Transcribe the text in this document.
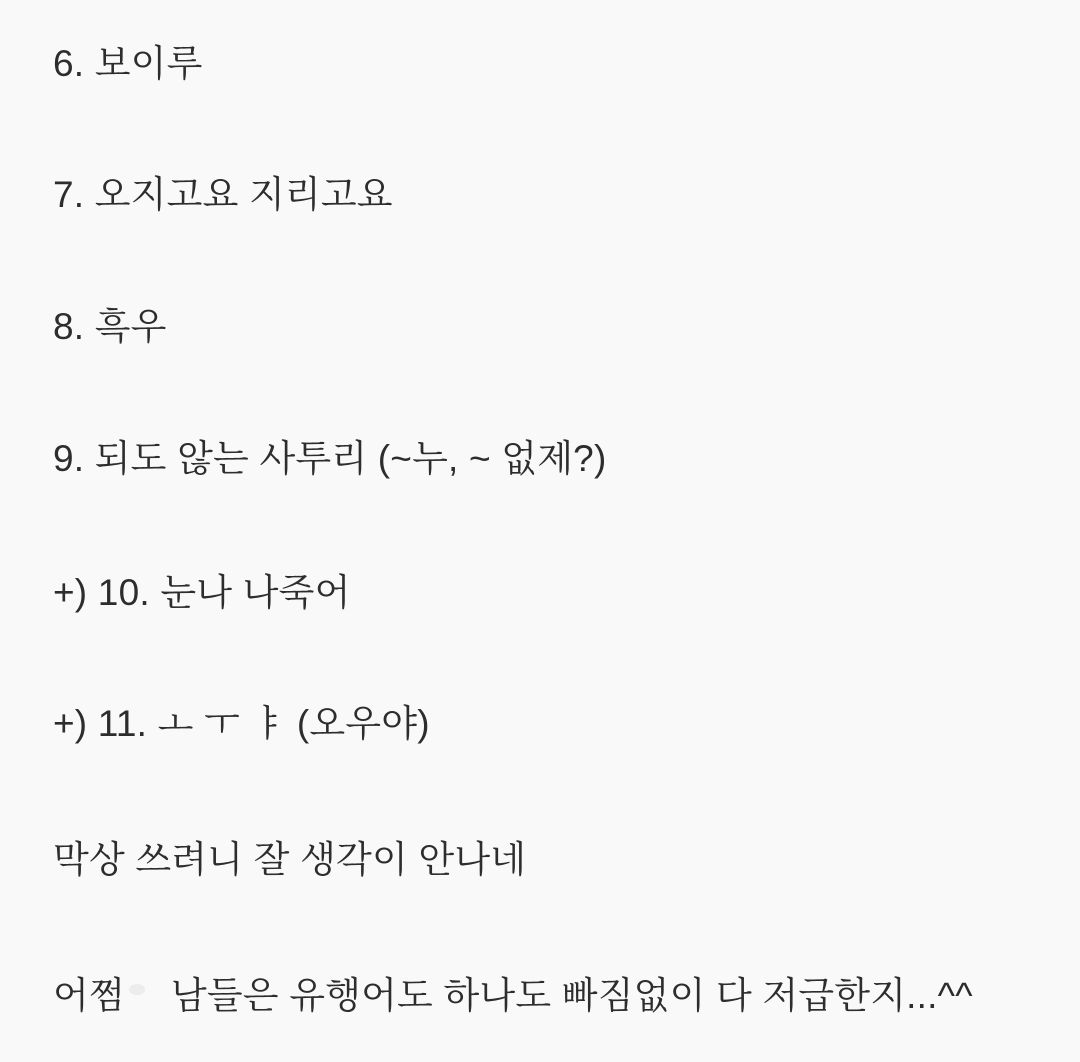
6. 보이루
7. 오지고요 지리고요
8. 흑우
9. 되도 않는 사투리 (~누, ~ 없제?)
+) 10. 눈나 나죽어
+) 11. ㅗ ㅜ ㅑ (오우야)
막상 쓰려니 잘 생각이 안나네
어쩜 남들은 유행어도 하나도 빠짐없이 다 저급한지...^^
